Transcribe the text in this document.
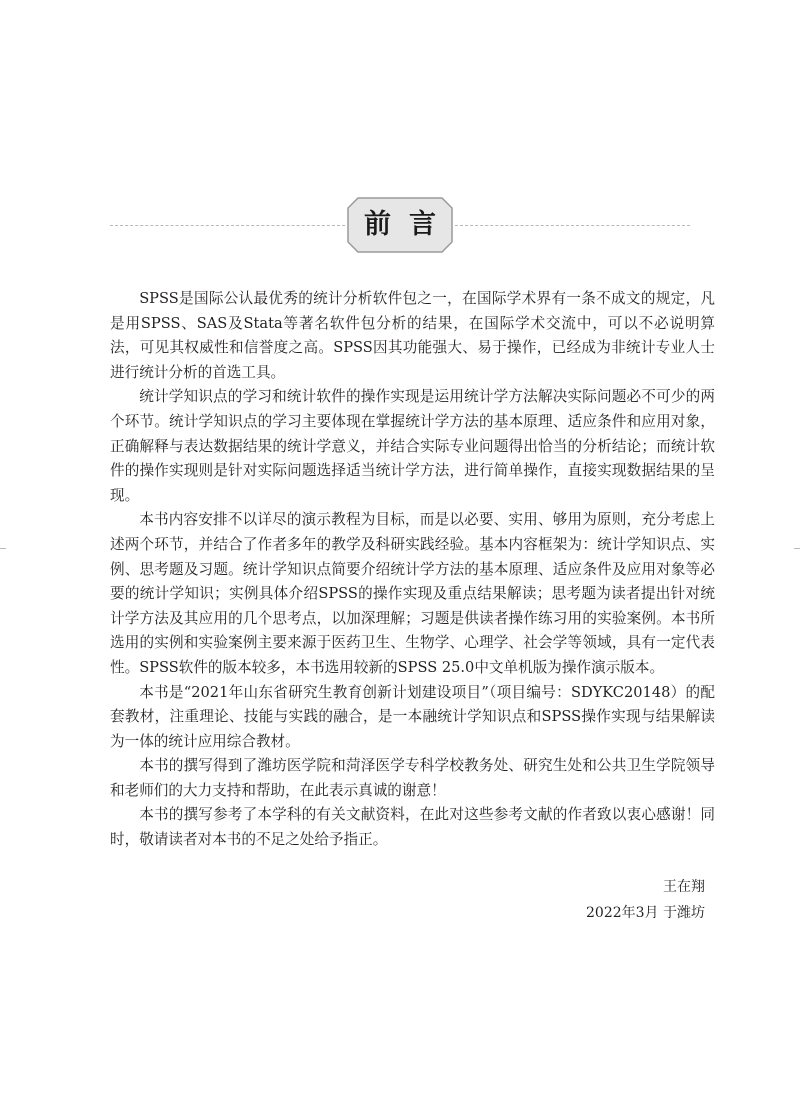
前言

SPSS是国际公认最优秀的统计分析软件包之一，在国际学术界有一条不成文的规定，凡是用SPSS、SAS及Stata等著名软件包分析的结果，在国际学术交流中，可以不必说明算法，可见其权威性和信誉度之高。SPSS因其功能强大、易于操作，已经成为非统计专业人士进行统计分析的首选工具。

统计学知识点的学习和统计软件的操作实现是运用统计学方法解决实际问题必不可少的两个环节。统计学知识点的学习主要体现在掌握统计学方法的基本原理、适应条件和应用对象，正确解释与表达数据结果的统计学意义，并结合实际专业问题得出恰当的分析结论；而统计软件的操作实现则是针对实际问题选择适当统计学方法，进行简单操作，直接实现数据结果的呈现。

本书内容安排不以详尽的演示教程为目标，而是以必要、实用、够用为原则，充分考虑上述两个环节，并结合了作者多年的教学及科研实践经验。基本内容框架为：统计学知识点、实例、思考题及习题。统计学知识点简要介绍统计学方法的基本原理、适应条件及应用对象等必要的统计学知识；实例具体介绍SPSS的操作实现及重点结果解读；思考题为读者提出针对统计学方法及其应用的几个思考点，以加深理解；习题是供读者操作练习用的实验案例。本书所选用的实例和实验案例主要来源于医药卫生、生物学、心理学、社会学等领域，具有一定代表性。SPSS软件的版本较多，本书选用较新的SPSS 25.0中文单机版为操作演示版本。

本书是“2021年山东省研究生教育创新计划建设项目”（项目编号：SDYKC20148）的配套教材，注重理论、技能与实践的融合，是一本融统计学知识点和SPSS操作实现与结果解读为一体的统计应用综合教材。

本书的撰写得到了潍坊医学院和菏泽医学专科学校教务处、研究生处和公共卫生学院领导和老师们的大力支持和帮助，在此表示真诚的谢意！

本书的撰写参考了本学科的有关文献资料，在此对这些参考文献的作者致以衷心感谢！同时，敬请读者对本书的不足之处给予指正。

王在翔
2022年3月 于潍坊
